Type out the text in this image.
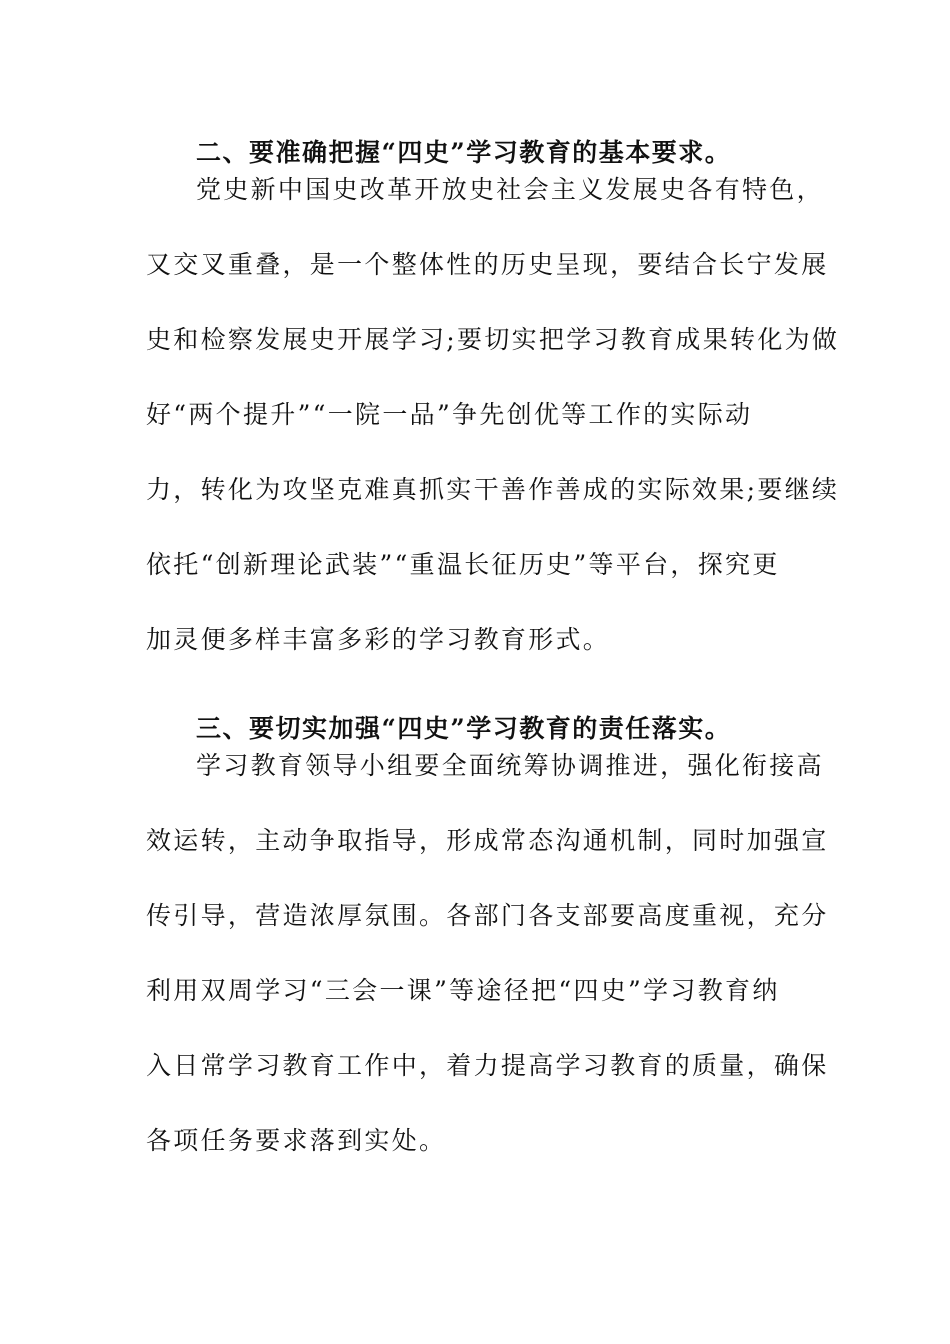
二、要准确把握“四史”学习教育的基本要求。
党史新中国史改革开放史社会主义发展史各有特色，
又交叉重叠，是一个整体性的历史呈现，要结合长宁发展
史和检察发展史开展学习;要切实把学习教育成果转化为做
好“两个提升”“一院一品”争先创优等工作的实际动
力，转化为攻坚克难真抓实干善作善成的实际效果;要继续
依托“创新理论武装”“重温长征历史”等平台，探究更
加灵便多样丰富多彩的学习教育形式。
三、要切实加强“四史”学习教育的责任落实。
学习教育领导小组要全面统筹协调推进，强化衔接高
效运转，主动争取指导，形成常态沟通机制，同时加强宣
传引导，营造浓厚氛围。各部门各支部要高度重视，充分
利用双周学习“三会一课”等途径把“四史”学习教育纳
入日常学习教育工作中，着力提高学习教育的质量，确保
各项任务要求落到实处。
